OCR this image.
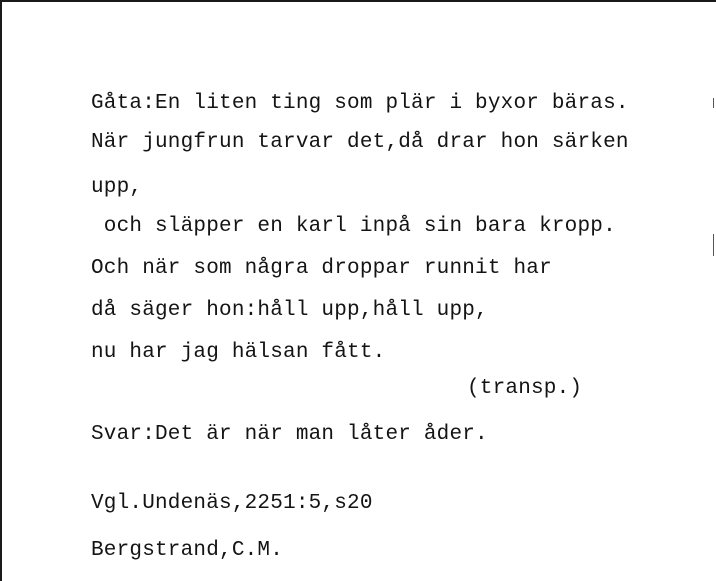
Gåta:En liten ting som plär i byxor bäras.
När jungfrun tarvar det,då drar hon särken
upp,
och släpper en karl inpå sin bara kropp.
Och när som några droppar runnit har
då säger hon:håll upp,håll upp,
nu har jag hälsan fått.
(transp.)
Svar:Det är när man låter åder.
Vgl.Undenäs,2251:5,s20
Bergstrand,C.M.
